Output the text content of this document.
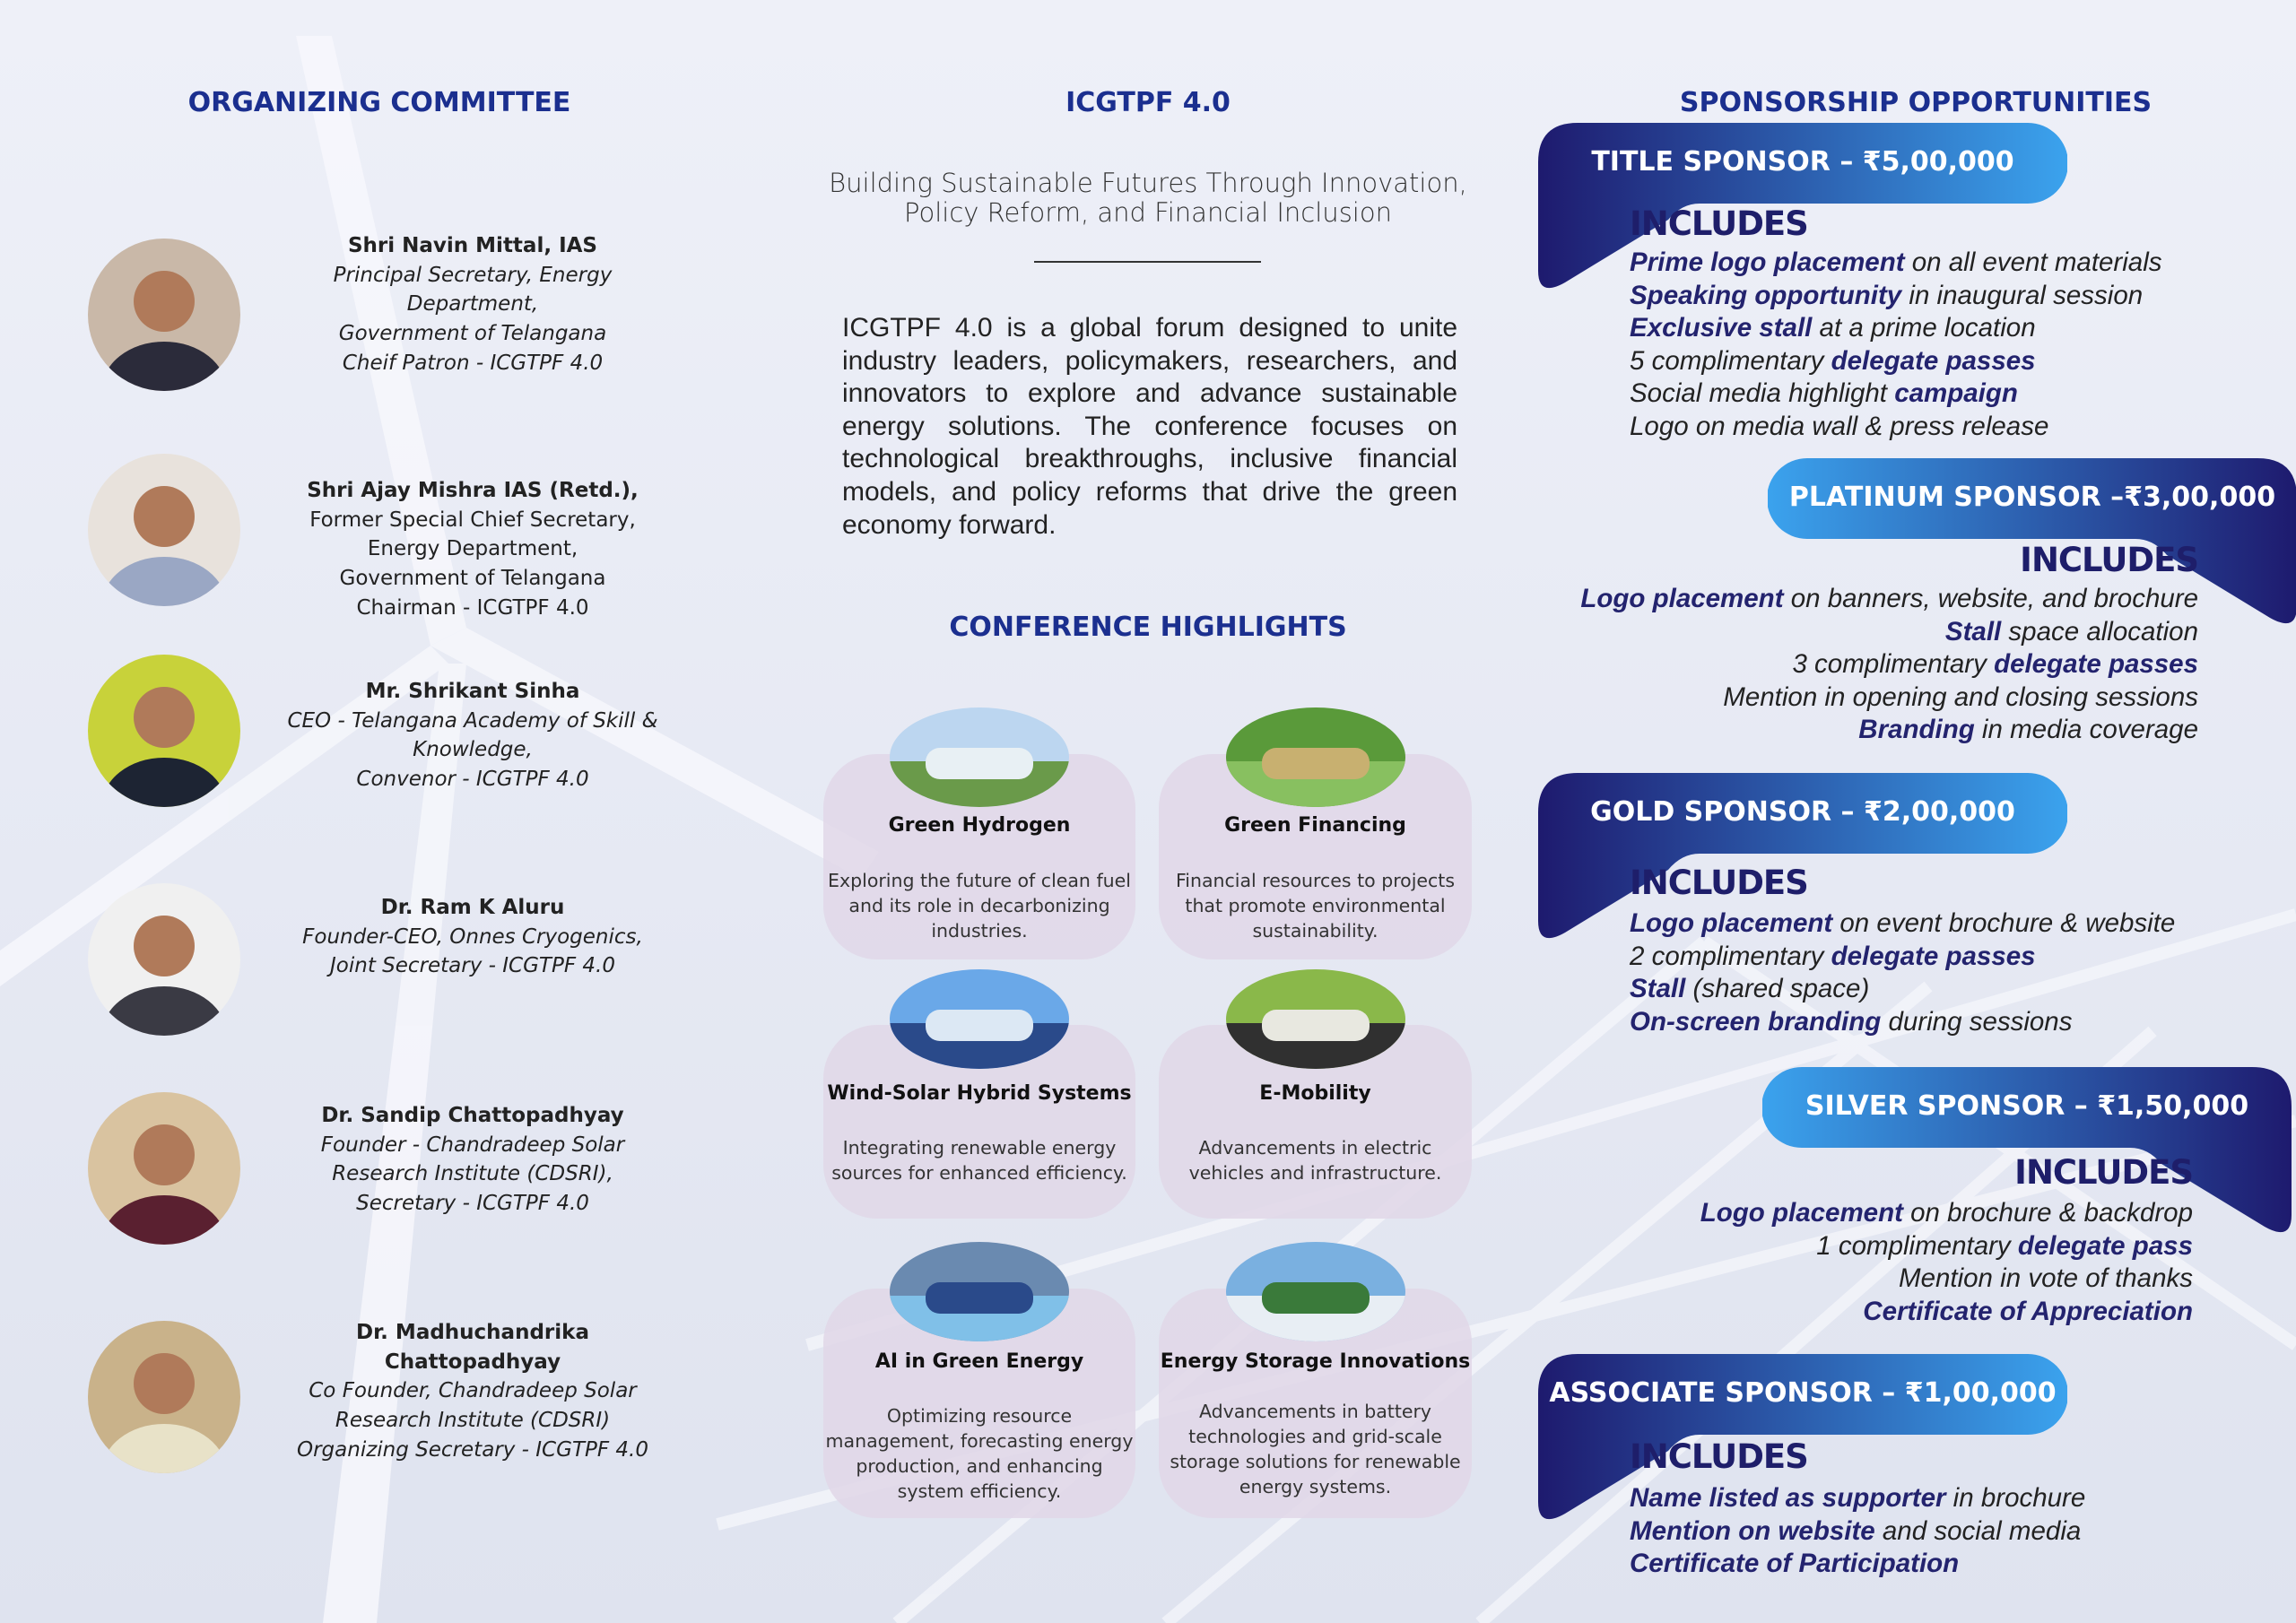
ORGANIZING COMMITTEE	ICGTPF 4.0	SPONSORSHIP OPPORTUNITIES
Building Sustainable Futures Through Innovation,
Policy Reform, and Financial Inclusion
ICGTPF 4.0 is a global forum designed to unite industry leaders, policymakers, researchers, and innovators to explore and advance sustainable energy solutions. The conference focuses on technological breakthroughs, inclusive financial models, and policy reforms that drive the green economy forward.
CONFERENCE HIGHLIGHTS
Shri Navin Mittal, IAS
Principal Secretary, Energy
Department,
Government of Telangana
Cheif Patron - ICGTPF 4.0
Shri Ajay Mishra IAS (Retd.),
Former Special Chief Secretary,
Energy Department,
Government of Telangana
Chairman - ICGTPF 4.0
Mr. Shrikant Sinha
CEO - Telangana Academy of Skill &
Knowledge,
Convenor - ICGTPF 4.0
Dr. Ram K Aluru
Founder-CEO, Onnes Cryogenics,
Joint Secretary - ICGTPF 4.0
Dr. Sandip Chattopadhyay
Founder - Chandradeep Solar
Research Institute (CDSRI),
Secretary - ICGTPF 4.0
Dr. Madhuchandrika Chattopadhyay
Co Founder, Chandradeep Solar
Research Institute (CDSRI)
Organizing Secretary - ICGTPF 4.0
Green Hydrogen
Exploring the future of clean fuel and its role in decarbonizing industries.
Green Financing
Financial resources to projects that promote environmental sustainability.
Wind-Solar Hybrid Systems
Integrating renewable energy sources for enhanced efficiency.
E-Mobility
Advancements in electric vehicles and infrastructure.
AI in Green Energy
Optimizing resource management, forecasting energy production, and enhancing system efficiency.
Energy Storage Innovations
Advancements in battery technologies and grid-scale storage solutions for renewable energy systems.
TITLE SPONSOR – ₹5,00,000
INCLUDES
Prime logo placement on all event materials
Speaking opportunity in inaugural session
Exclusive stall at a prime location
5 complimentary delegate passes
Social media highlight campaign
Logo on media wall & press release
PLATINUM SPONSOR –₹3,00,000
INCLUDES
Logo placement on banners, website, and brochure
Stall space allocation
3 complimentary delegate passes
Mention in opening and closing sessions
Branding in media coverage
GOLD SPONSOR – ₹2,00,000
INCLUDES
Logo placement on event brochure & website
2 complimentary delegate passes
Stall (shared space)
On-screen branding during sessions
SILVER SPONSOR – ₹1,50,000
INCLUDES
Logo placement on brochure & backdrop
1 complimentary delegate pass
Mention in vote of thanks
Certificate of Appreciation
ASSOCIATE SPONSOR – ₹1,00,000
INCLUDES
Name listed as supporter in brochure
Mention on website and social media
Certificate of Participation
